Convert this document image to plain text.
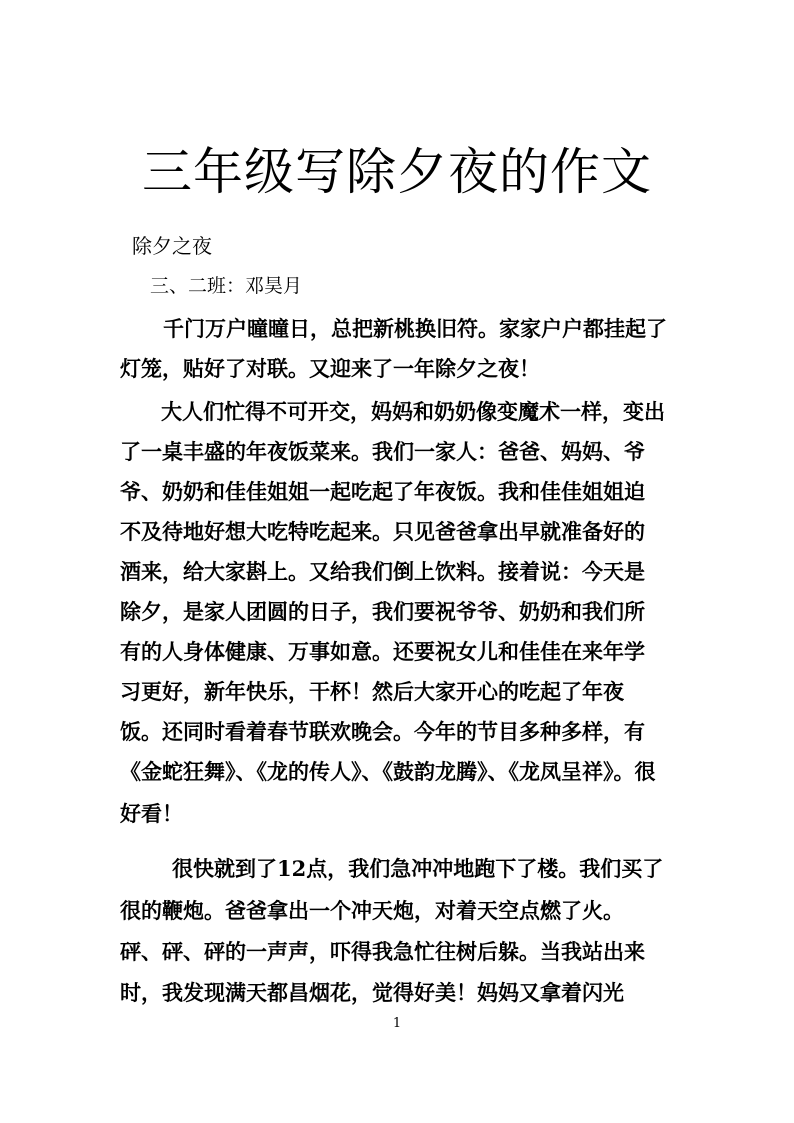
三年级写除夕夜的作文
除夕之夜
三、二班：邓昊月
千门万户曈曈日，总把新桃换旧符。家家户户都挂起了
灯笼，贴好了对联。又迎来了一年除夕之夜！
大人们忙得不可开交，妈妈和奶奶像变魔术一样，变出
了一桌丰盛的年夜饭菜来。我们一家人：爸爸、妈妈、爷
爷、奶奶和佳佳姐姐一起吃起了年夜饭。我和佳佳姐姐迫
不及待地好想大吃特吃起来。只见爸爸拿出早就准备好的
酒来，给大家斟上。又给我们倒上饮料。接着说：今天是
除夕，是家人团圆的日子，我们要祝爷爷、奶奶和我们所
有的人身体健康、万事如意。还要祝女儿和佳佳在来年学
习更好，新年快乐，干杯！然后大家开心的吃起了年夜
饭。还同时看着春节联欢晚会。今年的节目多种多样，有
《金蛇狂舞》、《龙的传人》、《鼓韵龙腾》、《龙凤呈祥》。很
好看！
很快就到了12点，我们急冲冲地跑下了楼。我们买了
很的鞭炮。爸爸拿出一个冲天炮，对着天空点燃了火。
砰、砰、砰的一声声，吓得我急忙往树后躲。当我站出来
时，我发现满天都昌烟花，觉得好美！妈妈又拿着闪光
1
